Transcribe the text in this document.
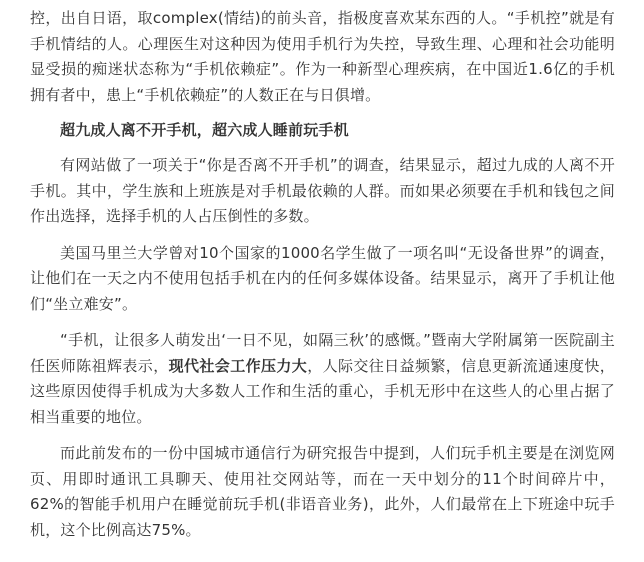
控，出自日语，取complex(情结)的前头音，指极度喜欢某东西的人。“手机控”就是有手机情结的人。心理医生对这种因为使用手机行为失控，导致生理、心理和社会功能明显受损的痴迷状态称为“手机依赖症”。作为一种新型心理疾病，在中国近1.6亿的手机拥有者中，患上“手机依赖症”的人数正在与日俱增。

超九成人离不开手机，超六成人睡前玩手机

有网站做了一项关于“你是否离不开手机”的调查，结果显示，超过九成的人离不开手机。其中，学生族和上班族是对手机最依赖的人群。而如果必须要在手机和钱包之间作出选择，选择手机的人占压倒性的多数。

美国马里兰大学曾对10个国家的1000名学生做了一项名叫“无设备世界”的调查，让他们在一天之内不使用包括手机在内的任何多媒体设备。结果显示，离开了手机让他们“坐立难安”。

“手机，让很多人萌发出‘一日不见，如隔三秋’的感慨。”暨南大学附属第一医院副主任医师陈祖辉表示，现代社会工作压力大，人际交往日益频繁，信息更新流通速度快，这些原因使得手机成为大多数人工作和生活的重心，手机无形中在这些人的心里占据了相当重要的地位。

而此前发布的一份中国城市通信行为研究报告中提到，人们玩手机主要是在浏览网页、用即时通讯工具聊天、使用社交网站等，而在一天中划分的11个时间碎片中，62%的智能手机用户在睡觉前玩手机(非语音业务)，此外，人们最常在上下班途中玩手机，这个比例高达75%。
